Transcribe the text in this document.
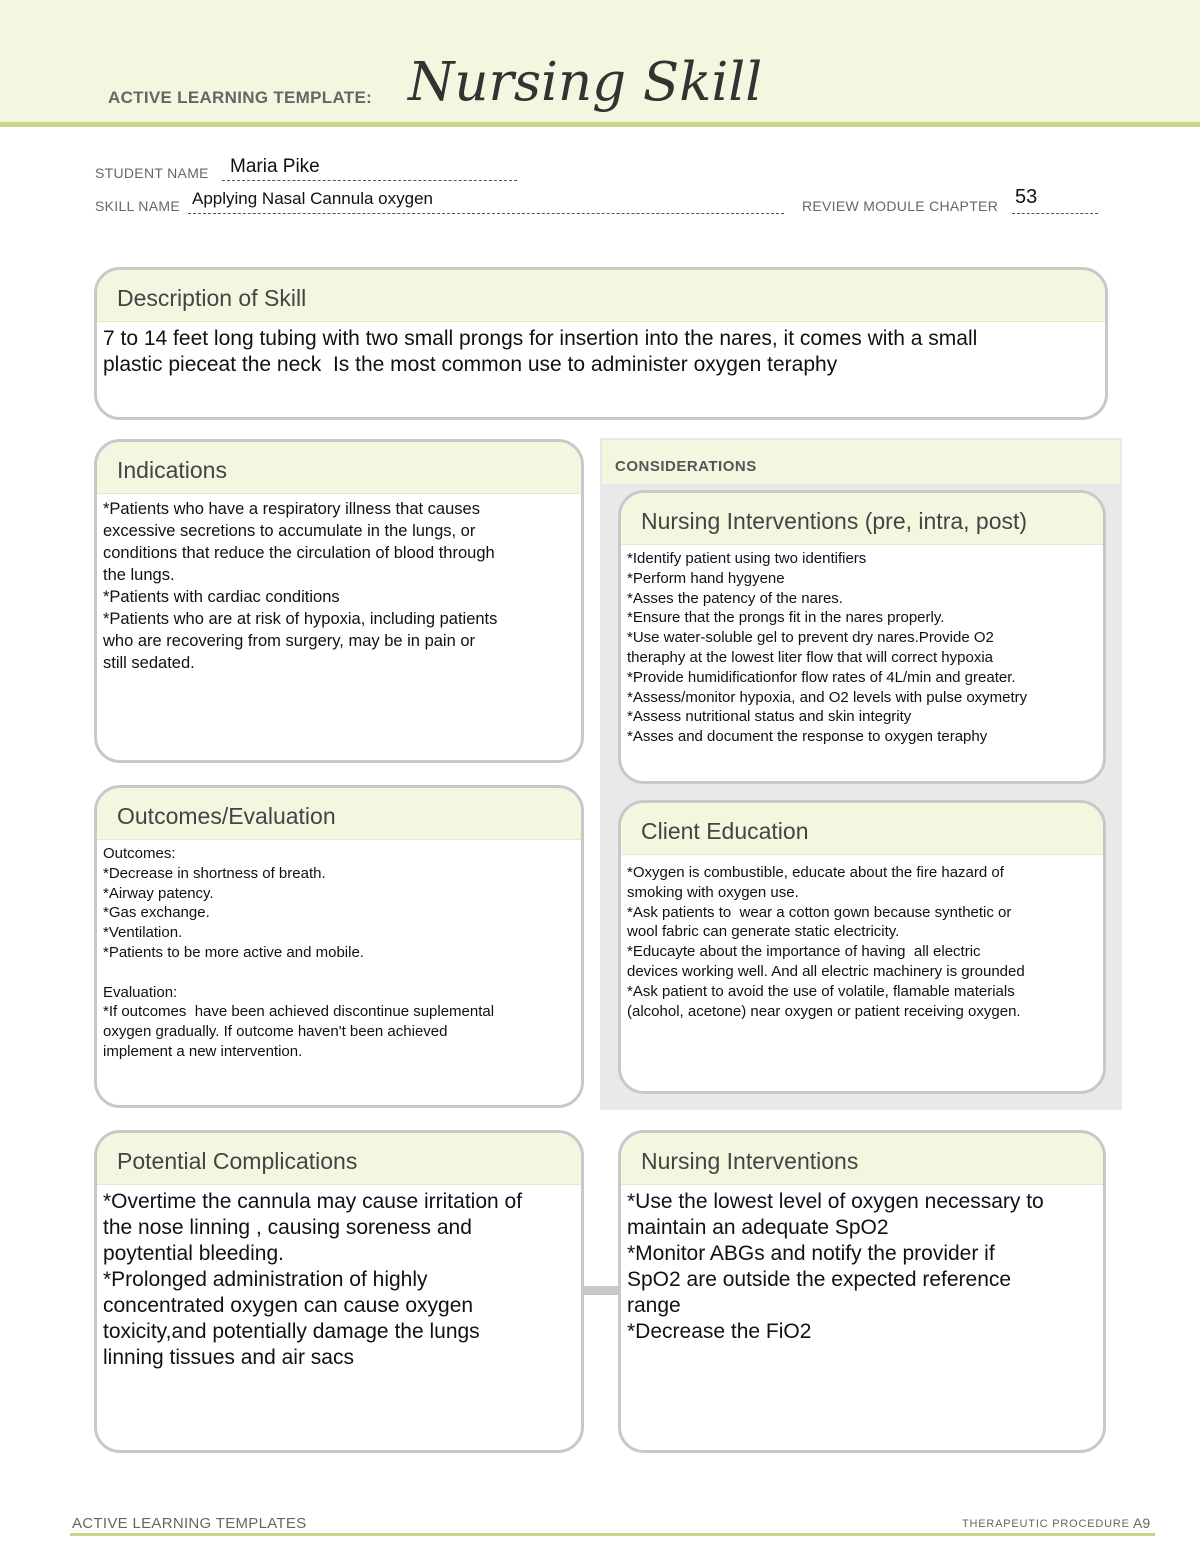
ACTIVE LEARNING TEMPLATE: Nursing Skill
STUDENT NAME Maria Pike
SKILL NAME Applying Nasal Cannula oxygen	REVIEW MODULE CHAPTER 53
Description of Skill
7 to 14 feet long tubing with two small prongs for insertion into the nares, it comes with a small
plastic pieceat the neck  Is the most common use to administer oxygen teraphy
CONSIDERATIONS
Indications
*Patients who have a respiratory illness that causes
excessive secretions to accumulate in the lungs, or
conditions that reduce the circulation of blood through
the lungs.
*Patients with cardiac conditions
*Patients who are at risk of hypoxia, including patients
who are recovering from surgery, may be in pain or
still sedated.
Nursing Interventions (pre, intra, post)
*Identify patient using two identifiers
*Perform hand hygyene
*Asses the patency of the nares.
*Ensure that the prongs fit in the nares properly.
*Use water-soluble gel to prevent dry nares.Provide O2
theraphy at the lowest liter flow that will correct hypoxia
*Provide humidificationfor flow rates of 4L/min and greater.
*Assess/monitor hypoxia, and O2 levels with pulse oxymetry
*Assess nutritional status and skin integrity
*Asses and document the response to oxygen teraphy
Outcomes/Evaluation
Outcomes:
*Decrease in shortness of breath.
*Airway patency.
*Gas exchange.
*Ventilation.
*Patients to be more active and mobile.

Evaluation:
*If outcomes  have been achieved discontinue suplemental
oxygen gradually. If outcome haven't been achieved
implement a new intervention.
Client Education
*Oxygen is combustible, educate about the fire hazard of
smoking with oxygen use.
*Ask patients to  wear a cotton gown because synthetic or
wool fabric can generate static electricity.
*Educayte about the importance of having  all electric
devices working well. And all electric machinery is grounded
*Ask patient to avoid the use of volatile, flamable materials
(alcohol, acetone) near oxygen or patient receiving oxygen.
Potential Complications
*Overtime the cannula may cause irritation of
the nose linning , causing soreness and
poytential bleeding.
*Prolonged administration of highly
concentrated oxygen can cause oxygen
toxicity,and potentially damage the lungs
linning tissues and air sacs
Nursing Interventions
*Use the lowest level of oxygen necessary to
maintain an adequate SpO2
*Monitor ABGs and notify the provider if
SpO2 are outside the expected reference
range
*Decrease the FiO2
ACTIVE LEARNING TEMPLATES	THERAPEUTIC PROCEDURE A9
